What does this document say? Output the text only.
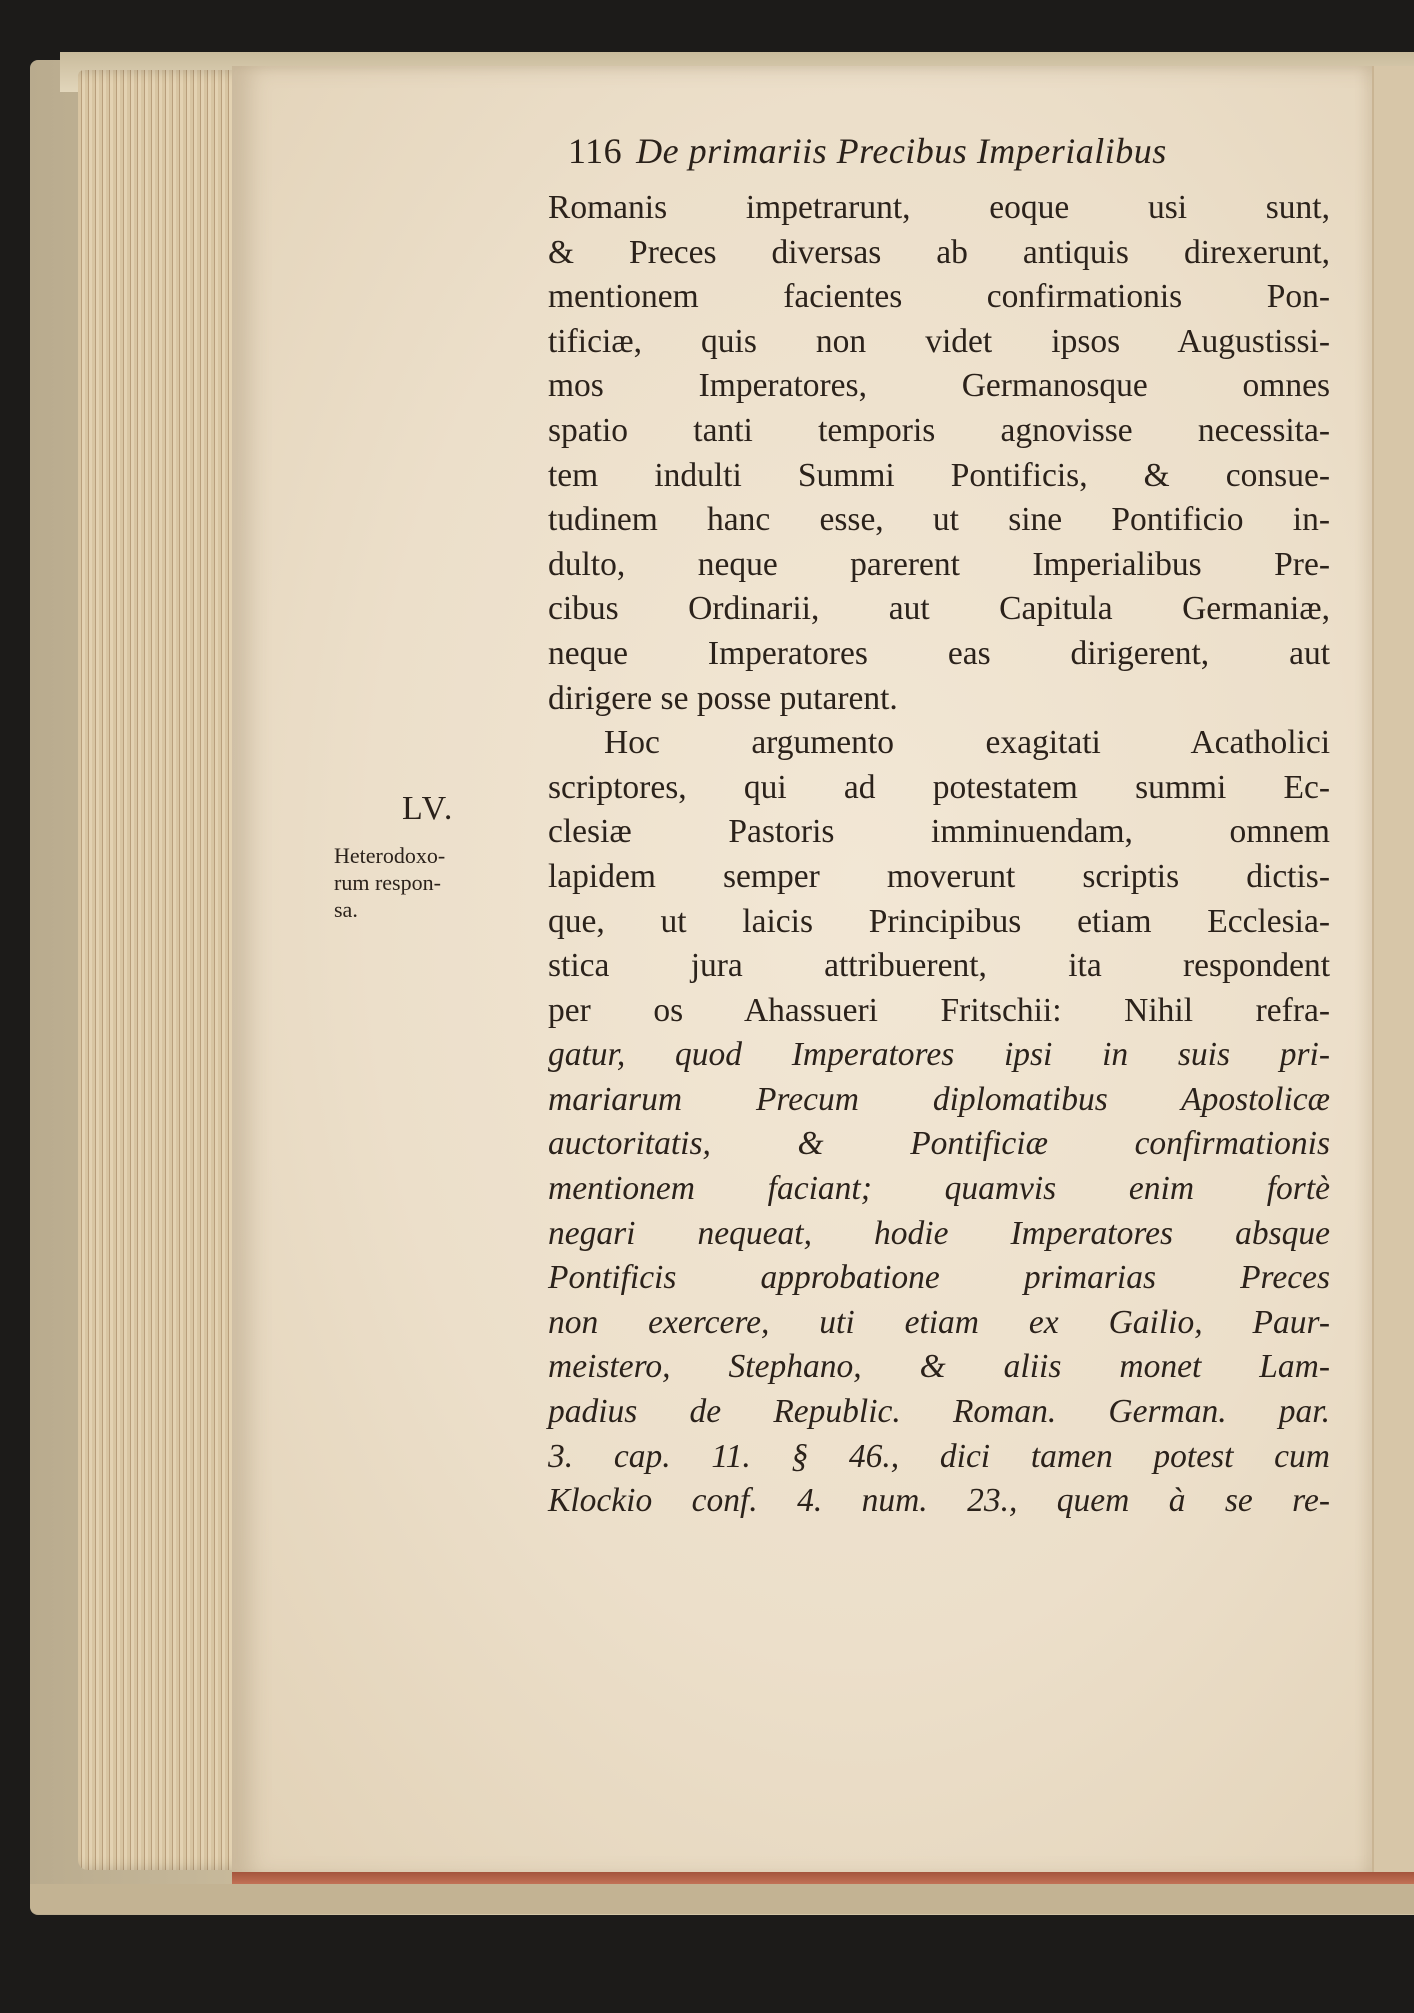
116 De primariis Precibus Imperialibus
LV.
Heterodoxo-
rum respon-
sa.
Romanis impetrarunt, eoque usi sunt,
& Preces diversas ab antiquis direxerunt,
mentionem facientes confirmationis Pon-
tificiæ, quis non videt ipsos Augustissi-
mos Imperatores, Germanosque omnes
spatio tanti temporis agnovisse necessita-
tem indulti Summi Pontificis, & consue-
tudinem hanc esse, ut sine Pontificio in-
dulto, neque parerent Imperialibus Pre-
cibus Ordinarii, aut Capitula Germaniæ,
neque Imperatores eas dirigerent, aut
dirigere se posse putarent.
Hoc argumento exagitati Acatholici
scriptores, qui ad potestatem summi Ec-
clesiæ Pastoris imminuendam, omnem
lapidem semper moverunt scriptis dictis-
que, ut laicis Principibus etiam Ecclesia-
stica jura attribuerent, ita respondent
per os Ahassueri Fritschii: Nihil refra-
gatur, quod Imperatores ipsi in suis pri-
mariarum Precum diplomatibus Apostolicæ
auctoritatis, & Pontificiæ confirmationis
mentionem faciant; quamvis enim fortè
negari nequeat, hodie Imperatores absque
Pontificis approbatione primarias Preces
non exercere, uti etiam ex Gailio, Paur-
meistero, Stephano, & aliis monet Lam-
padius de Republic. Roman. German. par.
3. cap. 11. § 46., dici tamen potest cum
Klockio conf. 4. num. 23., quem à se re-
